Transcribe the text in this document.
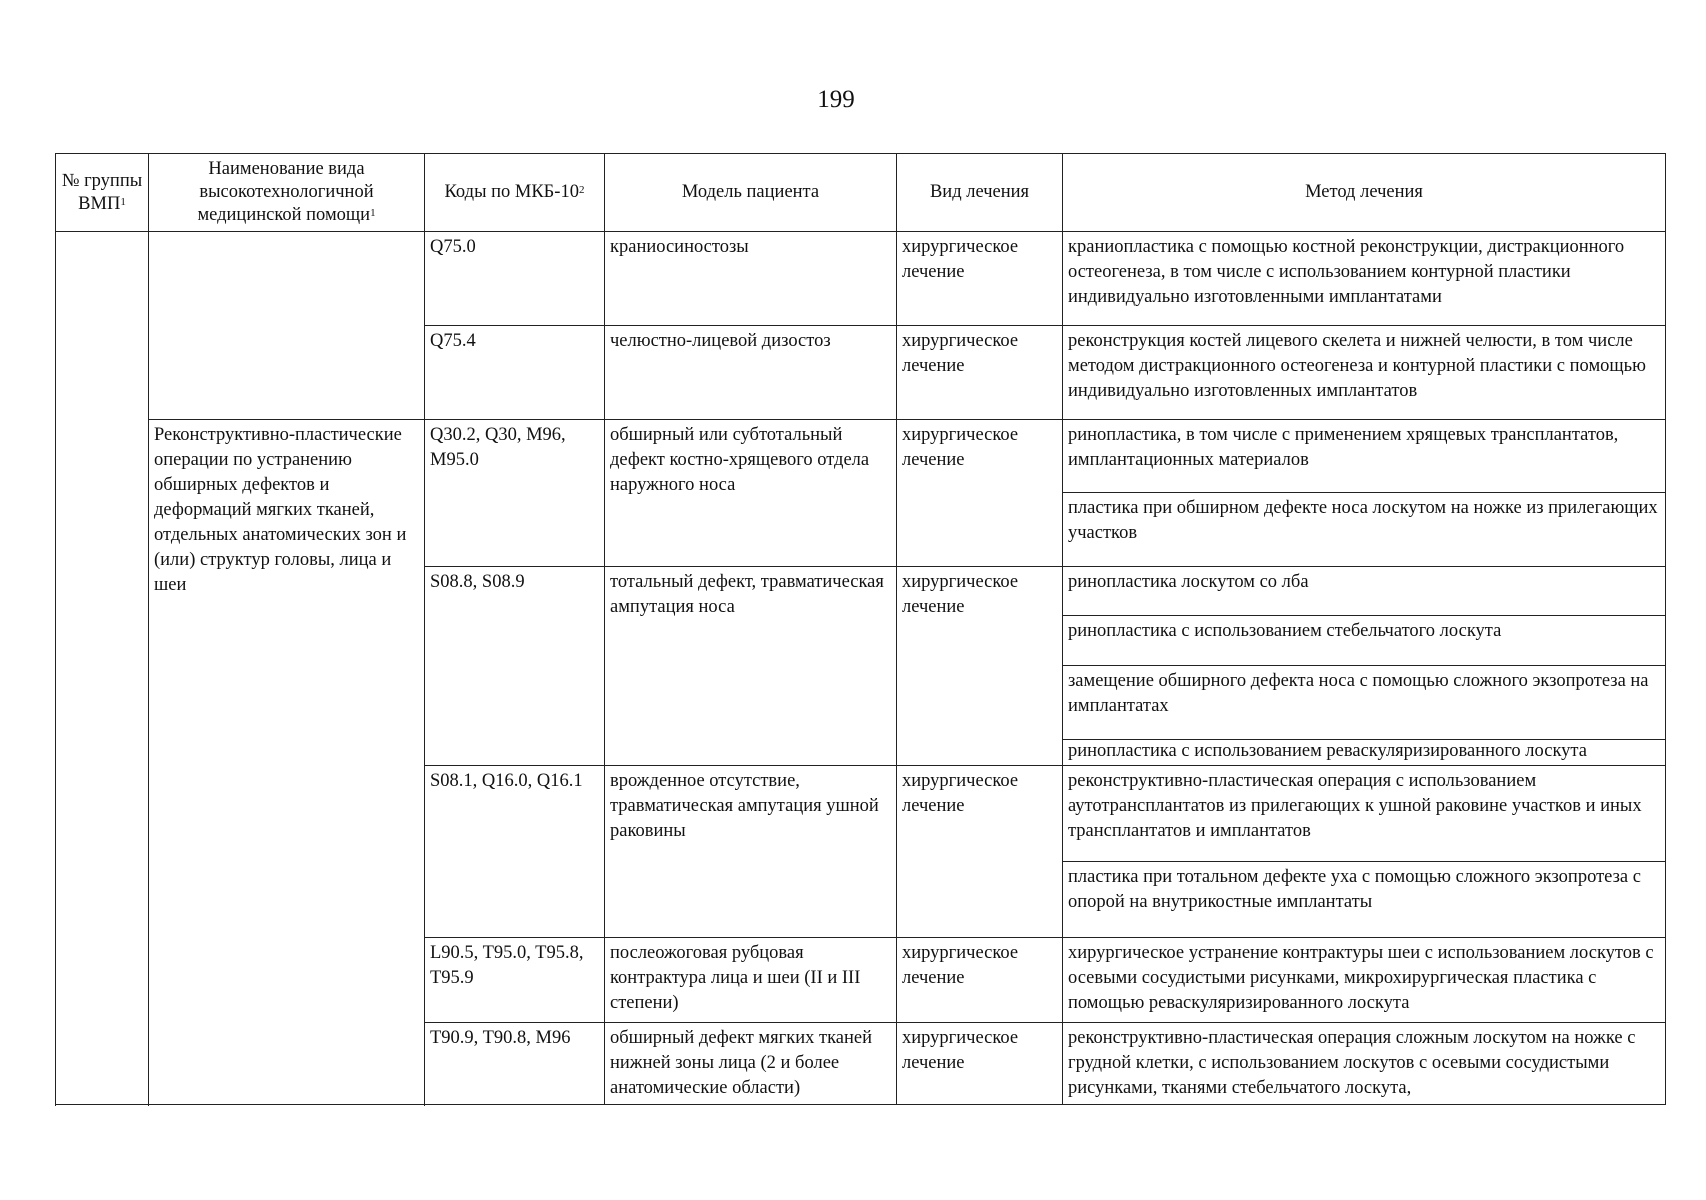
199
№ группы ВМП$^1$	Наименование вида высокотехнологичной медицинской помощи$^1$	Коды по МКБ-$10^2$	Модель пациента	Вид лечения	Метод лечения
		Q75.0	краниосиностозы	хирургическое лечение	краниопластика с помощью костной реконструкции, дистракционного остеогенеза, в том числе с использованием контурной пластики индивидуально изготовленными имплантатами
		Q75.4	челюстно-лицевой дизостоз	хирургическое лечение	реконструкция костей лицевого скелета и нижней челюсти, в том числе методом дистракционного остеогенеза и контурной пластики с помощью индивидуально изготовленных имплантатов
	Реконструктивно-пластические операции по устранению обширных дефектов и деформаций мягких тканей, отдельных анатомических зон и (или) структур головы, лица и шеи	Q30.2, Q30, M96, M95.0	обширный или субтотальный дефект костно-хрящевого отдела наружного носа	хирургическое лечение	ринопластика, в том числе с применением хрящевых трансплантатов, имплантационных материалов
					пластика при обширном дефекте носа лоскутом на ножке из прилегающих участков
		S08.8, S08.9	тотальный дефект, травматическая ампутация носа	хирургическое лечение	ринопластика лоскутом со лба
					ринопластика с использованием стебельчатого лоскута
					замещение обширного дефекта носа с помощью сложного экзопротеза на имплантатах
					ринопластика с использованием реваскуляризированного лоскута
		S08.1, Q16.0, Q16.1	врожденное отсутствие, травматическая ампутация ушной раковины	хирургическое лечение	реконструктивно-пластическая операция с использованием аутотрансплантатов из прилегающих к ушной раковине участков и иных трансплантатов и имплантатов
					пластика при тотальном дефекте уха с помощью сложного экзопротеза с опорой на внутрикостные имплантаты
		L90.5, T95.0, T95.8, T95.9	послеожоговая рубцовая контрактура лица и шеи (II и III степени)	хирургическое лечение	хирургическое устранение контрактуры шеи с использованием лоскутов с осевыми сосудистыми рисунками, микрохирургическая пластика с помощью реваскуляризированного лоскута
		T90.9, T90.8, M96	обширный дефект мягких тканей нижней зоны лица (2 и более анатомические области)	хирургическое лечение	реконструктивно-пластическая операция сложным лоскутом на ножке с грудной клетки, с использованием лоскутов с осевыми сосудистыми рисунками, тканями стебельчатого лоскута,
